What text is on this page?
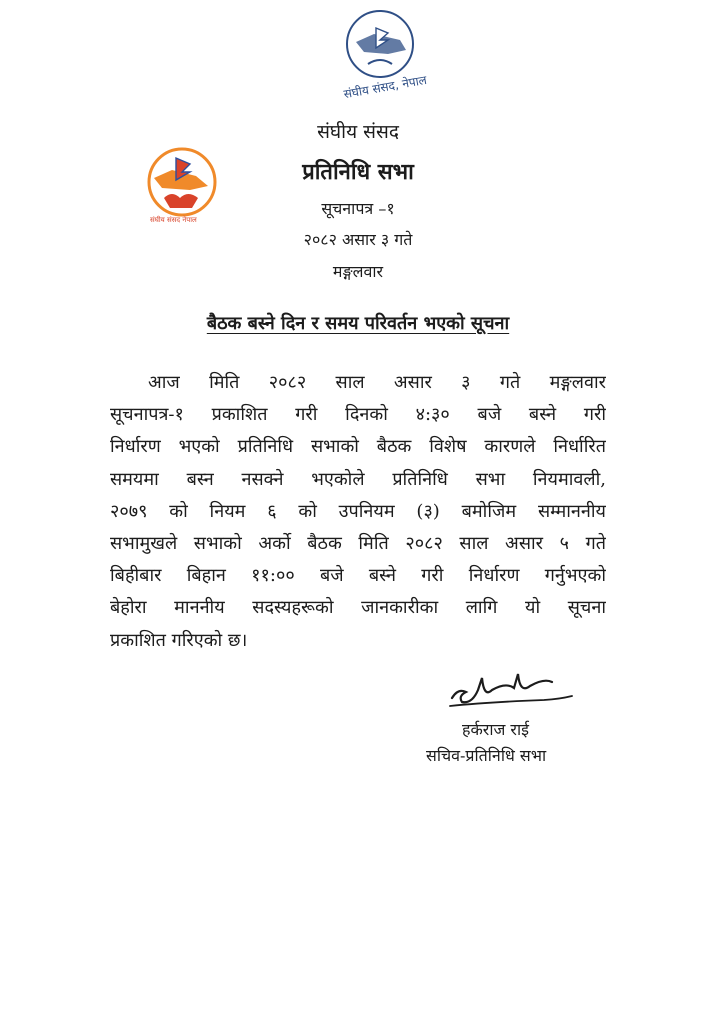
संघीय संसद, नेपाल
संघीय संसद नेपाल
संघीय संसद
प्रतिनिधि सभा
सूचनापत्र –१
२०८२ असार ३ गते
मङ्गलवार
बैठक बस्ने दिन र समय परिवर्तन भएको सूचना
आज मिति २०८२ साल असार ३ गते मङ्गलवार
सूचनापत्र-१ प्रकाशित गरी दिनको ४:३० बजे बस्ने गरी
निर्धारण भएको प्रतिनिधि सभाको बैठक विशेष कारणले निर्धारित
समयमा बस्न नसक्ने भएकोले प्रतिनिधि सभा नियमावली,
२०७९ को नियम ६ को उपनियम (३) बमोजिम सम्माननीय
सभामुखले सभाको अर्को बैठक मिति २०८२ साल असार ५ गते
बिहीबार बिहान ११:०० बजे बस्ने गरी निर्धारण गर्नुभएको
बेहोरा माननीय सदस्यहरूको जानकारीका लागि यो सूचना
प्रकाशित गरिएको छ।
हर्कराज राई
सचिव-प्रतिनिधि सभा
